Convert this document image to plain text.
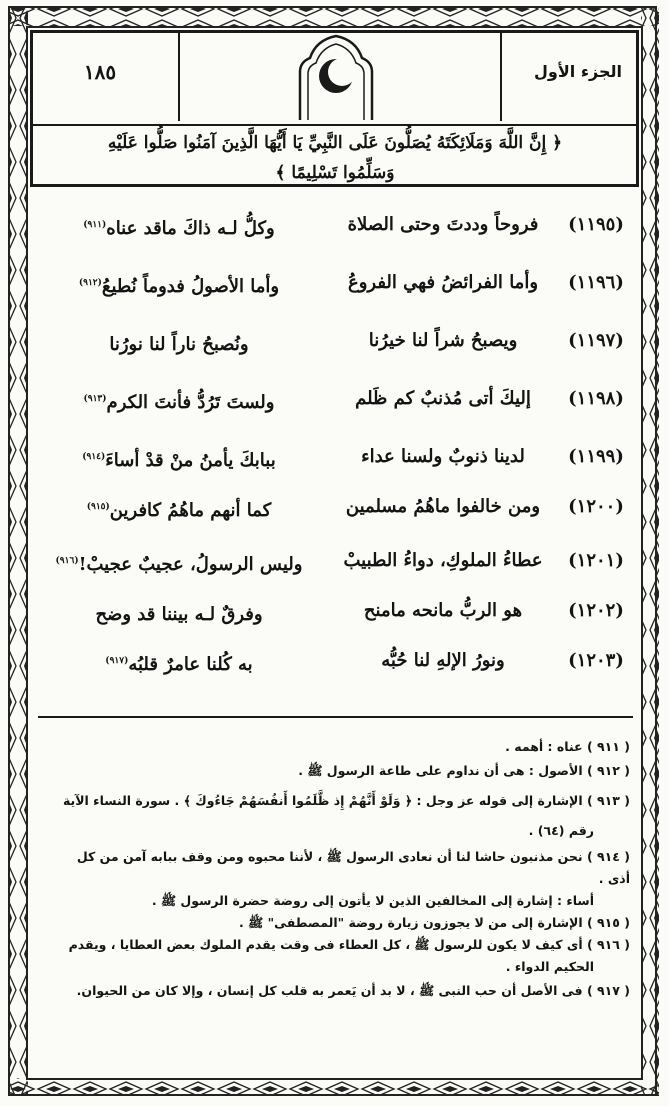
١٨٥	الجزء الأول
﴿ إِنَّ اللَّهَ وَمَلَائِكَتَهُ يُصَلُّونَ عَلَى النَّبِيِّ يَا أَيُّهَا الَّذِينَ آمَنُوا صَلُّوا عَلَيْهِ وَسَلِّمُوا تَسْلِيمًا ﴾
(١١٩٥)
فروحاً وددتَ وحتى الصلاة
وكلُّ لـه ذاكَ ماقد عناه$^{(٩١١)}$
(١١٩٦)
وأما الفرائضُ فهي الفروعُ
وأما الأصولُ فدوماً نُطيعُ$^{(٩١٢)}$
(١١٩٧)
ويصبحُ شراً لنا خيرُنا
ونُصبحُ ناراً لنا نورُنا
(١١٩٨)
إليكَ أتى مُذنبٌ كم ظَلم
ولستَ تَرُدُّ فأنتَ الكرم$^{(٩١٣)}$
(١١٩٩)
لدينا ذنوبٌ ولسنا عداء
ببابكَ يأمنُ منْ قدْ أساءَ$^{(٩١٤)}$
(١٢٠٠)
ومن خالفوا ماهُمُ مسلمين
كما أنهم ماهُمُ كافرين$^{(٩١٥)}$
(١٢٠١)
عطاءُ الملوكِ، دواءُ الطبيبْ
وليس الرسولُ، عجيبٌ عجيبْ!$^{(٩١٦)}$
(١٢٠٢)
هو الربُّ مانحه مامنح
وفرقٌ لـه بيننا قد وضح
(١٢٠٣)
ونورُ الإلهِ لنا حُبُّه
به كُلنا عامرٌ قلبُه$^{(٩١٧)}$
( ٩١١ ) عناه : أهمه .
( ٩١٢ ) الأصول : هى أن نداوم على طاعة الرسول ﷺ .
( ٩١٣ ) الإشارة إلى قوله عز وجل : ﴿ وَلَوْ أَنَّهُمْ إِذ ظَّلَمُوا أَنفُسَهُمْ جَاءُوكَ ﴾ . سورة النساء الآية
رقم (٦٤) .
( ٩١٤ ) نحن مذنبون حاشا لنا أن نعادى الرسول ﷺ ، لأننا محبوه ومن وقف ببابه آمن من كل
أذى .
أساء : إشارة إلى المخالفين الذين لا يأتون إلى روضة حضرة الرسول ﷺ .
( ٩١٥ ) الإشارة إلى من لا يجوزون زيارة روضة "المصطفى" ﷺ .
( ٩١٦ ) أى كيف لا يكون للرسول ﷺ ، كل العطاء فى وقت يقدم الملوك بعض العطايا ، ويقدم
الحكيم الدواء .
( ٩١٧ ) فى الأصل أن حب النبى ﷺ ، لا بد أن يَعمر به قلب كل إنسان ، وإلا كان من الحيوان.
